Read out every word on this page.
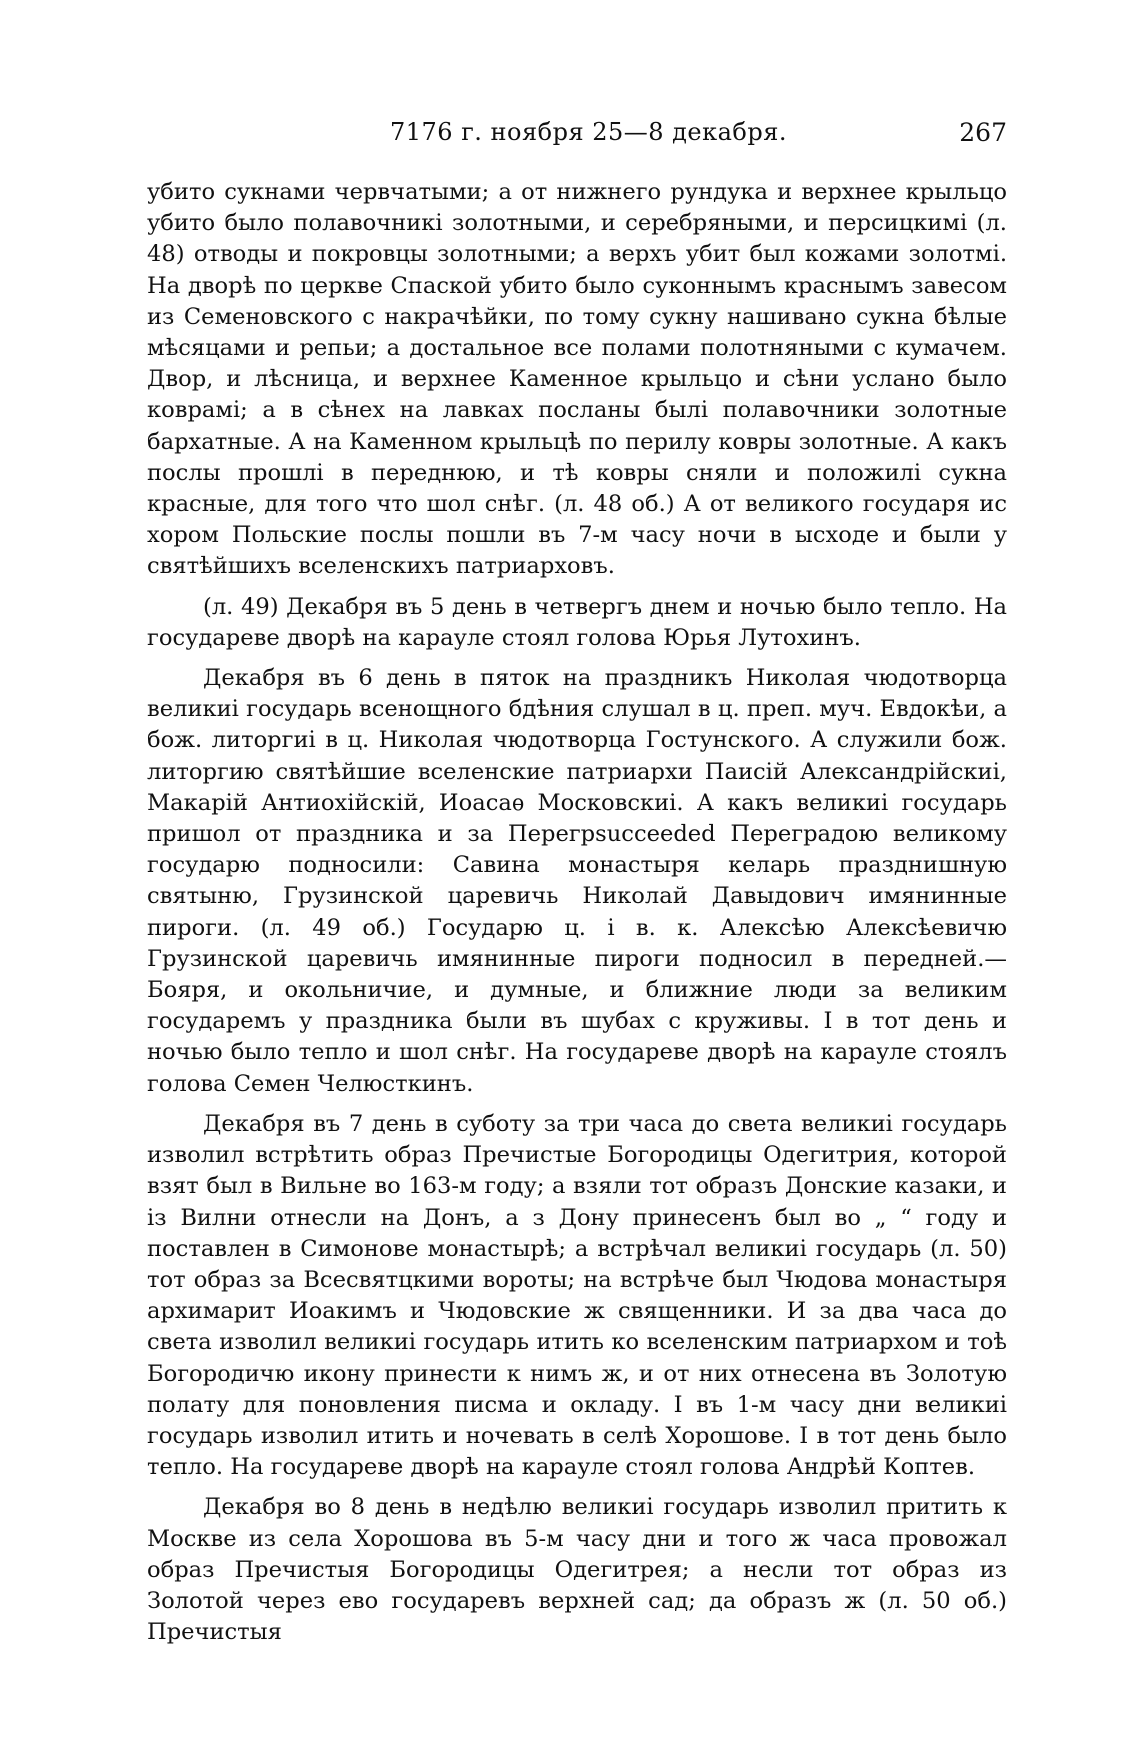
7176 г. ноября 25—8 декабря.	267

убито сукнами червчатыми; а от нижнего рундука и верхнее крыльцо убито было полавочникі золотными, и серебряными, и персицкимі (л. 48) отводы и покровцы золотными; а верхъ убит был кожами золотмі. На дворѣ по церкве Спаской убито было суконнымъ краснымъ завесом из Семеновского с накрачѣйки, по тому сукну нашивано сукна бѣлые мѣсяцами и репьи; а достальное все полами полотняными с кумачем. Двор, и лѣсница, и верхнее Каменное крыльцо и сѣни услано было коврамі; а в сѣнех на лавках посланы былі полавочники золотные бархатные. А на Каменном крыльцѣ по перилу ковры золотные. А какъ послы прошлі в переднюю, и тѣ ковры сняли и положилі сукна красные, для того что шол снѣг. (л. 48 об.) А от великого государя ис хором Польские послы пошли въ 7-м часу ночи в ысходе и были у святѣйшихъ вселенскихъ патриарховъ.

(л. 49) Декабря въ 5 день в четвергъ днем и ночью было тепло. На государеве дворѣ на карауле стоял голова Юрья Лутохинъ.

Декабря въ 6 день в пяток на праздникъ Николая чюдотворца великиі государь всенощного бдѣния слушал в ц. преп. муч. Евдокѣи, а бож. литоргиі в ц. Николая чюдотворца Гостунского. А служили бож. литоргию святѣйшие вселенские патриархи Паисій Александрійскиі, Макарій Антиохійскій, Иоасаѳ Московскиі. А какъ великиі государь пришол от праздника и за Перегрsucceeded Перегрaдою великому государю подносили: Савина монастыря келарь празднишную святыню, Грузинской царевичь Николай Давыдович имянинные пироги. (л. 49 об.) Государю ц. і в. к. Алексѣю Алексѣевичю Грузинской царевичь имянинные пироги подносил в передней.— Бояря, и окольничие, и думные, и ближние люди за великим государемъ у праздника были въ шубах с круживы. I в тот день и ночью было тепло и шол снѣг. На государеве дворѣ на карауле стоялъ голова Семен Челюсткинъ.

Декабря въ 7 день в суботу за три часа до света великиі государь изволил встрѣтить образ Пречистые Богородицы Одегитрия, которой взят был в Вильне во 163-м году; а взяли тот образъ Донские казаки, и із Вилни отнесли на Донъ, а з Дону принесенъ был во „ “ году и поставлен в Симонове монастырѣ; а встрѣчал великиі государь (л. 50) тот образ за Всесвятцкими вороты; на встрѣче был Чюдова монастыря архимарит Иоакимъ и Чюдовские ж священники. И за два часа до света изволил великиі государь итить ко вселенским патриархом и тоѣ Богородичю икону принести к нимъ ж, и от них отнесена въ Золотую полату для поновления писма и окладу. I въ 1-м часу дни великиі государь изволил итить и ночевать в селѣ Хорошове. I в тот день было тепло. На государеве дворѣ на карауле стоял голова Андрѣй Коптев.

Декабря во 8 день в недѣлю великиі государь изволил притить к Москве из села Хорошова въ 5-м часу дни и того ж часа провожал образ Пречистыя Богородицы Одегитрея; а несли тот образ из Золотой через ево государевъ верхней сад; да образъ ж (л. 50 об.) Пречистыя
